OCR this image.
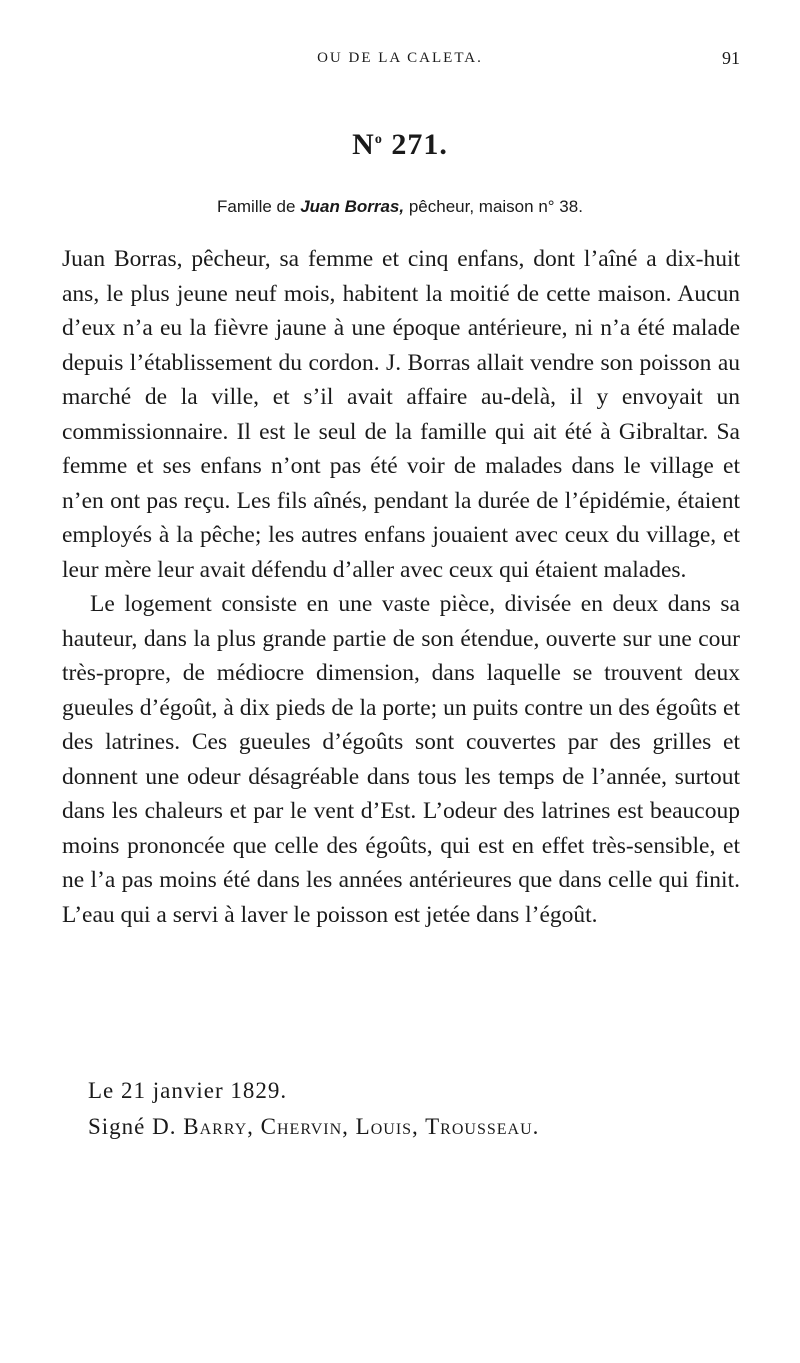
OU DE LA CALETA.	91
$N^o$ 271.
Famille de Juan Borras, pêcheur, maison n° 38.

Juan Borras, pêcheur, sa femme et cinq enfans, dont l’aîné a dix-huit ans, le plus jeune neuf mois, habitent la moitié de cette maison. Aucun d’eux n’a eu la fièvre jaune à une époque antérieure, ni n’a été malade depuis l’établissement du cordon. J. Borras allait vendre son poisson au marché de la ville, et s’il avait affaire au-delà, il y envoyait un commissionnaire. Il est le seul de la famille qui ait été à Gibraltar. Sa femme et ses enfans n’ont pas été voir de malades dans le village et n’en ont pas reçu. Les fils aînés, pendant la durée de l’épidémie, étaient employés à la pêche; les autres enfans jouaient avec ceux du village, et leur mère leur avait défendu d’aller avec ceux qui étaient malades.

Le logement consiste en une vaste pièce, divisée en deux dans sa hauteur, dans la plus grande partie de son étendue, ouverte sur une cour très-propre, de médiocre dimension, dans laquelle se trouvent deux gueules d’égoût, à dix pieds de la porte; un puits contre un des égoûts et des latrines. Ces gueules d’égoûts sont couvertes par des grilles et donnent une odeur désagréable dans tous les temps de l’année, surtout dans les chaleurs et par le vent d’Est. L’odeur des latrines est beaucoup moins prononcée que celle des égoûts, qui est en effet très-sensible, et ne l’a pas moins été dans les années antérieures que dans celle qui finit. L’eau qui a servi à laver le poisson est jetée dans l’égoût.

Le 21 janvier 1829.
Signé D. Barry, Chervin, Louis, Trousseau.
